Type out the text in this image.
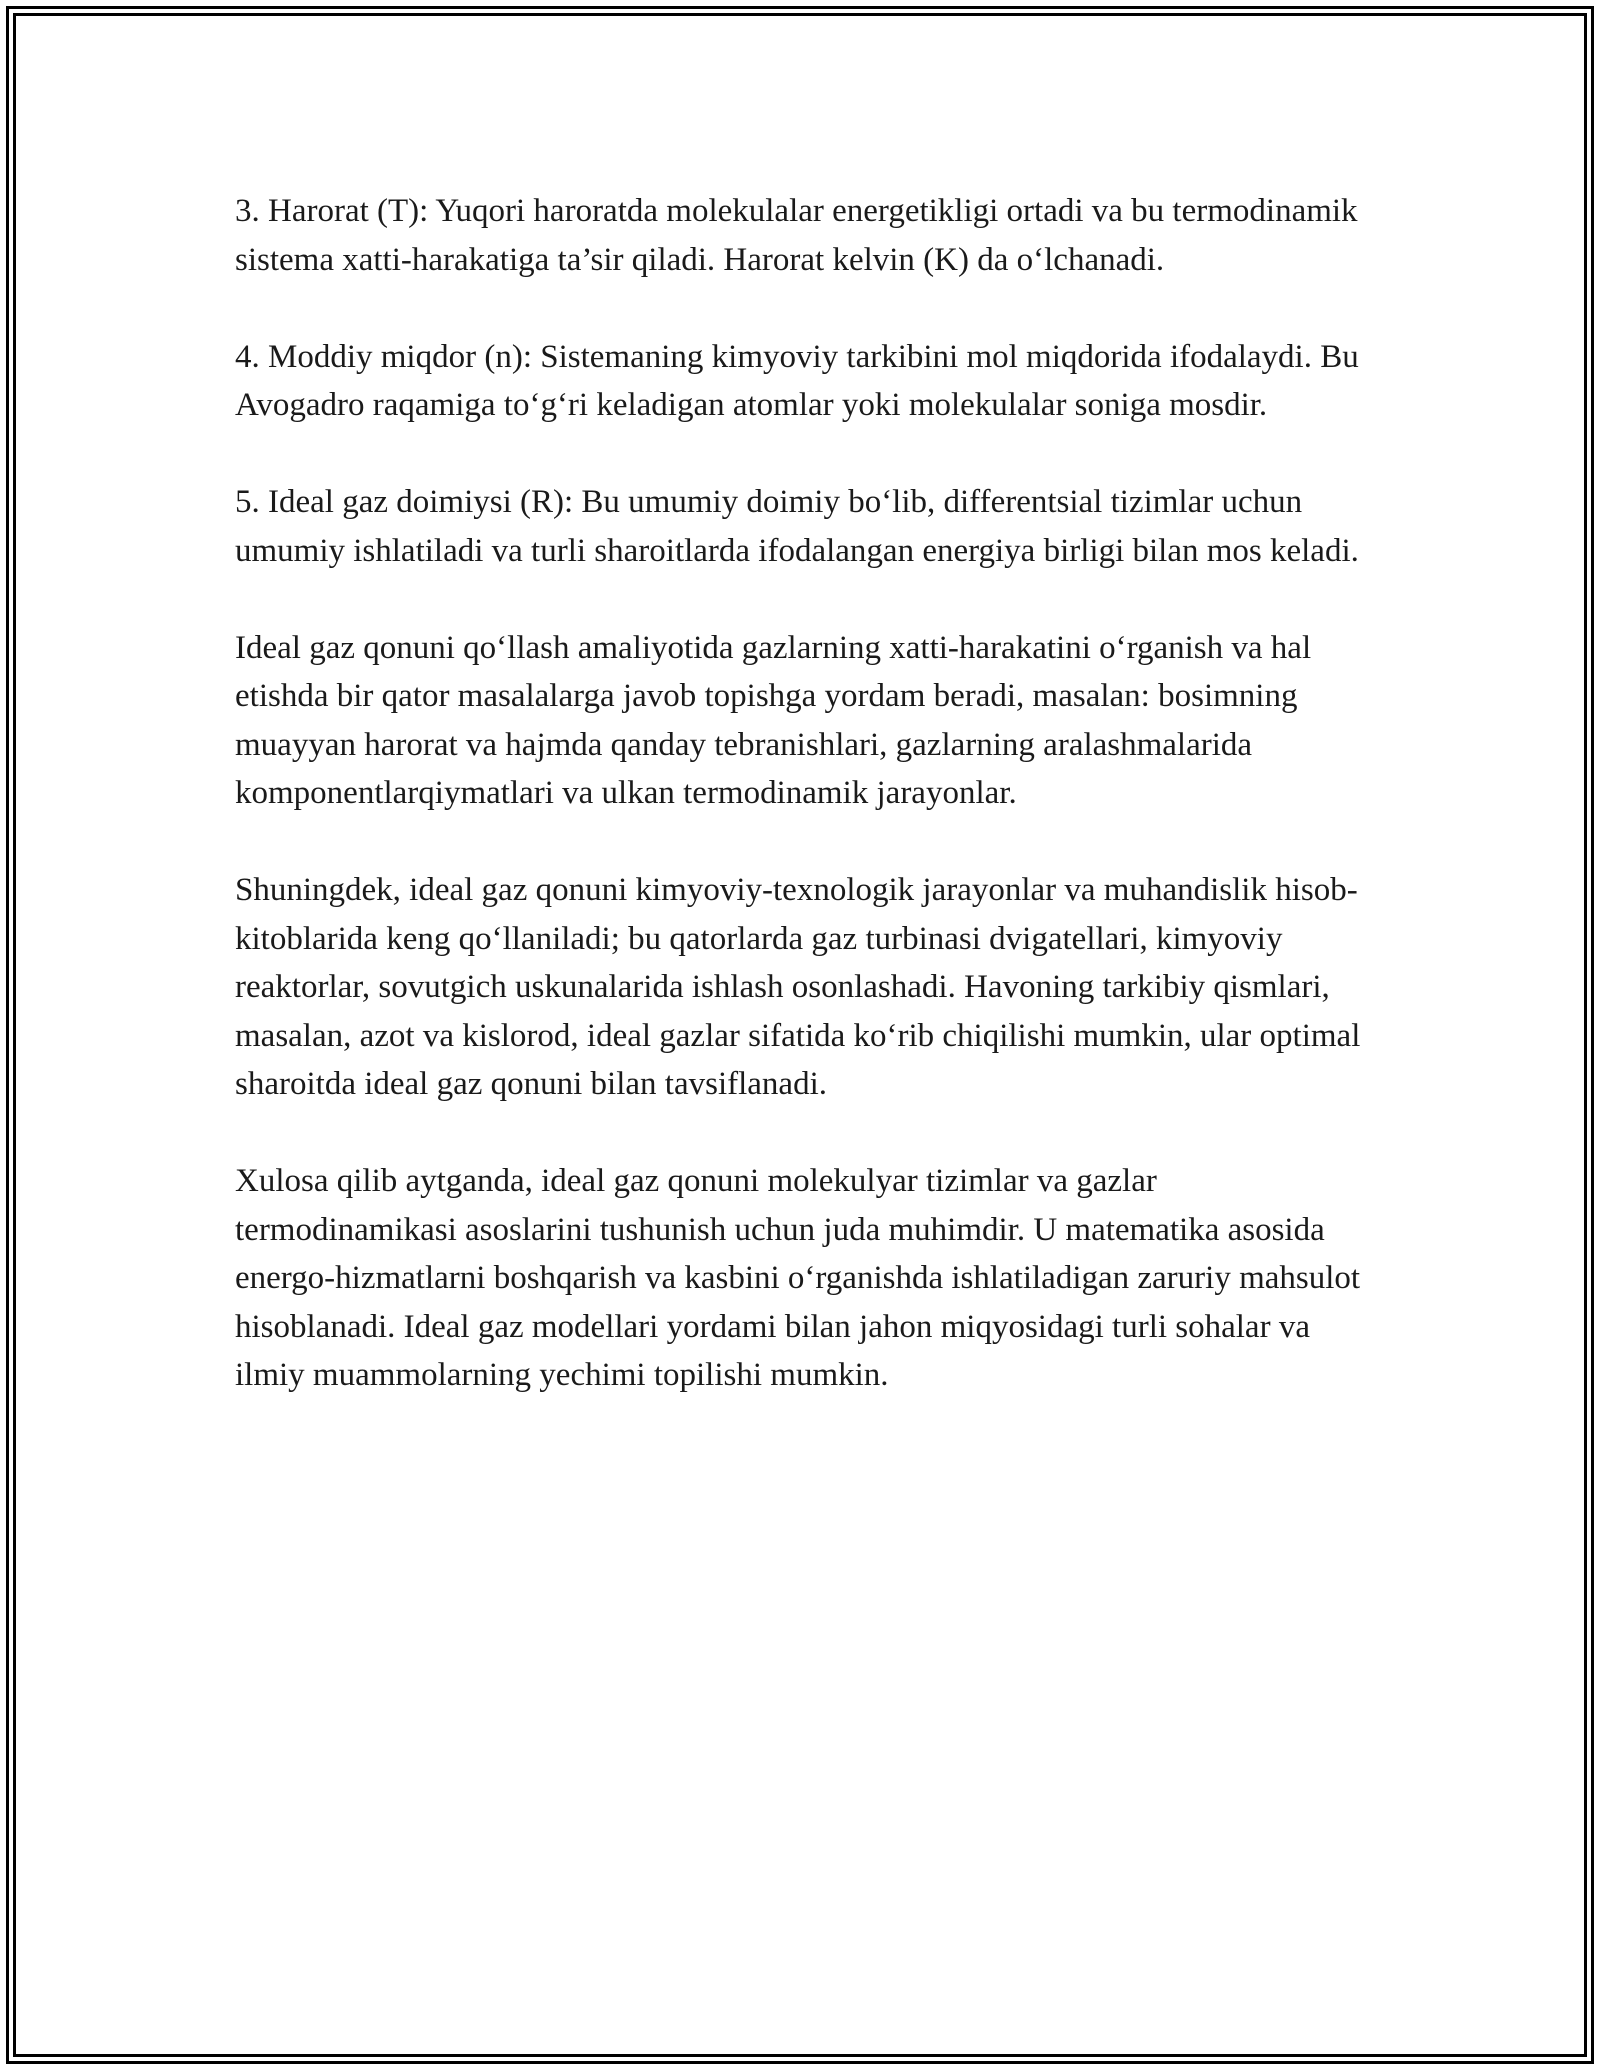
3. Harorat (T): Yuqori haroratda molekulalar energetikligi ortadi va bu termodinamik sistema xatti-harakatiga ta’sir qiladi. Harorat kelvin (K) da o‘lchanadi.

4. Moddiy miqdor (n): Sistemaning kimyoviy tarkibini mol miqdorida ifodalaydi. Bu Avogadro raqamiga to‘g‘ri keladigan atomlar yoki molekulalar soniga mosdir.

5. Ideal gaz doimiysi (R): Bu umumiy doimiy bo‘lib, differentsial tizimlar uchun umumiy ishlatiladi va turli sharoitlarda ifodalangan energiya birligi bilan mos keladi.

Ideal gaz qonuni qo‘llash amaliyotida gazlarning xatti-harakatini o‘rganish va hal etishda bir qator masalalarga javob topishga yordam beradi, masalan: bosimning muayyan harorat va hajmda qanday tebranishlari, gazlarning aralashmalarida komponentlarqiymatlari va ulkan termodinamik jarayonlar.

Shuningdek, ideal gaz qonuni kimyoviy-texnologik jarayonlar va muhandislik hisob-kitoblarida keng qo‘llaniladi; bu qatorlarda gaz turbinasi dvigatellari, kimyoviy reaktorlar, sovutgich uskunalarida ishlash osonlashadi. Havoning tarkibiy qismlari, masalan, azot va kislorod, ideal gazlar sifatida ko‘rib chiqilishi mumkin, ular optimal sharoitda ideal gaz qonuni bilan tavsiflanadi.

Xulosa qilib aytganda, ideal gaz qonuni molekulyar tizimlar va gazlar termodinamikasi asoslarini tushunish uchun juda muhimdir. U matematika asosida energo-hizmatlarni boshqarish va kasbini o‘rganishda ishlatiladigan zaruriy mahsulot hisoblanadi. Ideal gaz modellari yordami bilan jahon miqyosidagi turli sohalar va ilmiy muammolarning yechimi topilishi mumkin.
